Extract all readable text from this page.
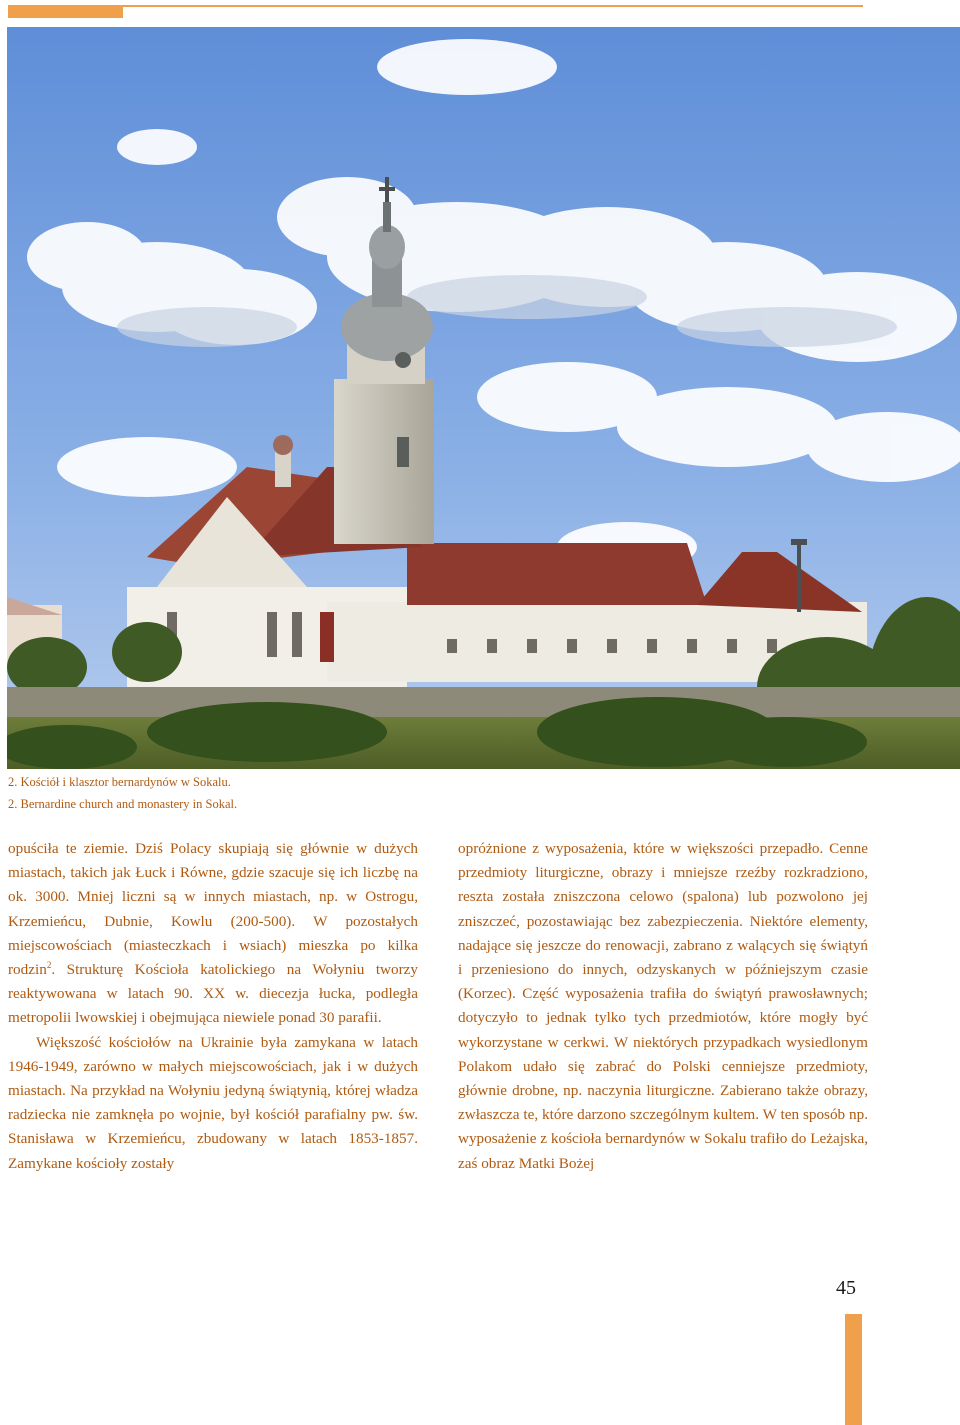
2. Kościół i klasztor bernardynów w Sokalu.
2. Bernardine church and monastery in Sokal.

opuściła te ziemie. Dziś Polacy skupiają się głównie w dużych miastach, takich jak Łuck i Równe, gdzie szacuje się ich liczbę na ok. 3000. Mniej liczni są w innych miastach, np. w Ostrogu, Krzemieńcu, Dubnie, Kowlu (200-500). W pozostałych miejscowościach (miasteczkach i wsiach) mieszka po kilka rodzin$^2$. Strukturę Kościoła katolickiego na Wołyniu tworzy reaktywowana w latach 90. XX w. diecezja łucka, podległa metropolii lwowskiej i obejmująca niewiele ponad 30 parafii.

Większość kościołów na Ukrainie była zamykana w latach 1946-1949, zarówno w małych miejscowościach, jak i w dużych miastach. Na przykład na Wołyniu jedyną świątynią, której władza radziecka nie zamknęła po wojnie, był kościół parafialny pw. św. Stanisława w Krzemieńcu, zbudowany w latach 1853-1857. Zamykane kościoły zostały

opróżnione z wyposażenia, które w większości przepadło. Cenne przedmioty liturgiczne, obrazy i mniejsze rzeźby rozkradziono, reszta została zniszczona celowo (spalona) lub pozwolono jej zniszczeć, pozostawiając bez zabezpieczenia. Niektóre elementy, nadające się jeszcze do renowacji, zabrano z walących się świątyń i przeniesiono do innych, odzyskanych w późniejszym czasie (Korzec). Część wyposażenia trafiła do świątyń prawosławnych; dotyczyło to jednak tylko tych przedmiotów, które mogły być wykorzystane w cerkwi. W niektórych przypadkach wysiedlonym Polakom udało się zabrać do Polski cenniejsze przedmioty, głównie drobne, np. naczynia liturgiczne. Zabierano także obrazy, zwłaszcza te, które darzono szczególnym kultem. W ten sposób np. wyposażenie z kościoła bernardynów w Sokalu trafiło do Leżajska, zaś obraz Matki Bożej

45
